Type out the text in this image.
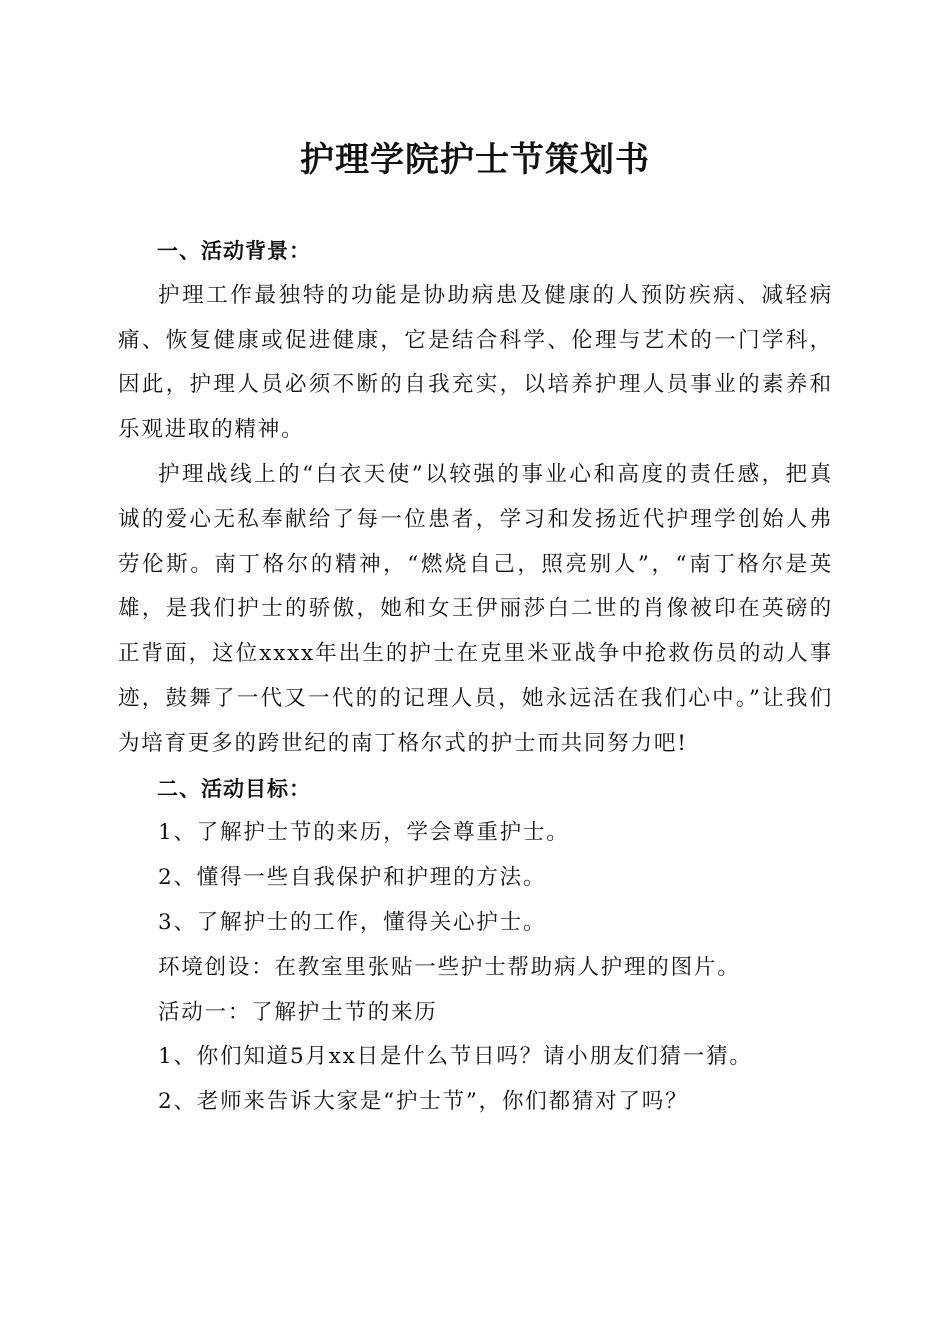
护理学院护士节策划书

一、活动背景：

护理工作最独特的功能是协助病患及健康的人预防疾病、减轻病痛、恢复健康或促进健康，它是结合科学、伦理与艺术的一门学科，因此，护理人员必须不断的自我充实，以培养护理人员事业的素养和乐观进取的精神。

护理战线上的“白衣天使”以较强的事业心和高度的责任感，把真诚的爱心无私奉献给了每一位患者，学习和发扬近代护理学创始人弗劳伦斯。南丁格尔的精神，“燃烧自己，照亮别人”，“南丁格尔是英雄，是我们护士的骄傲，她和女王伊丽莎白二世的肖像被印在英磅的正背面，这位xxxx年出生的护士在克里米亚战争中抢救伤员的动人事迹，鼓舞了一代又一代的的记理人员，她永远活在我们心中。”让我们为培育更多的跨世纪的南丁格尔式的护士而共同努力吧!

二、活动目标：

1、了解护士节的来历，学会尊重护士。

2、懂得一些自我保护和护理的方法。

3、了解护士的工作，懂得关心护士。

环境创设：在教室里张贴一些护士帮助病人护理的图片。

活动一：了解护士节的来历

1、你们知道5月xx日是什么节日吗？请小朋友们猜一猜。

2、老师来告诉大家是“护士节”，你们都猜对了吗？
